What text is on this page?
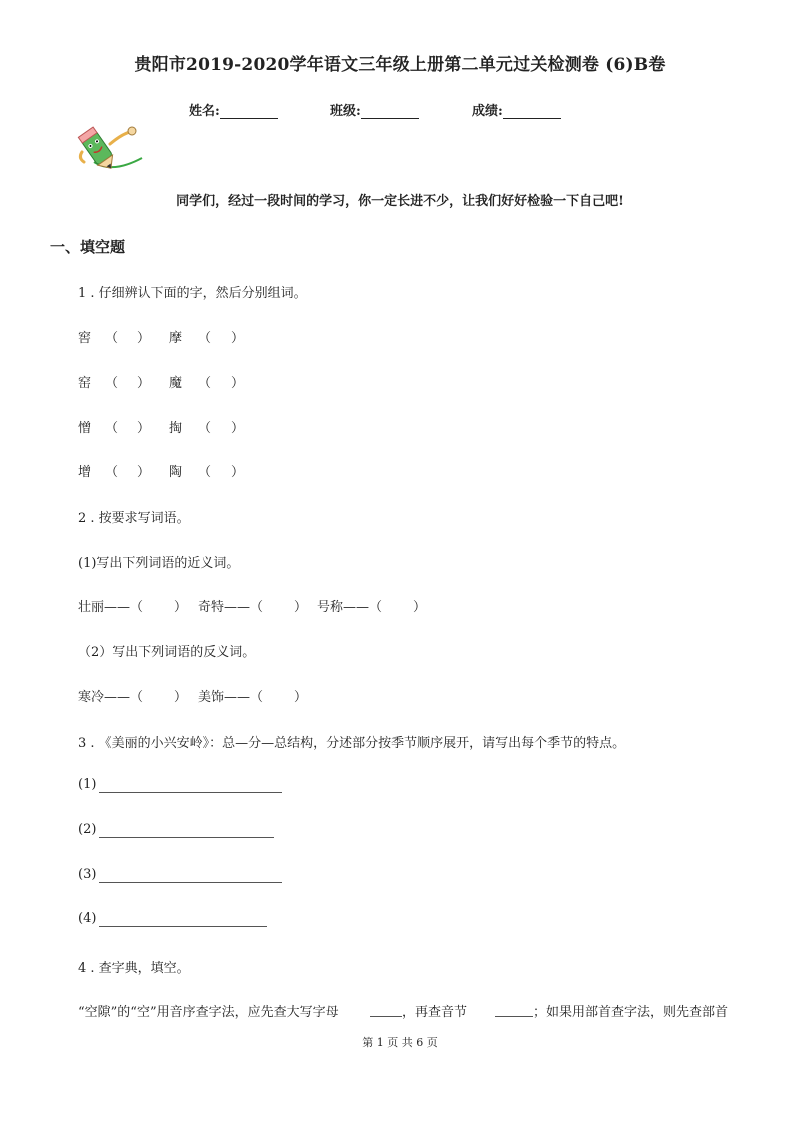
贵阳市2019-2020学年语文三年级上册第二单元过关检测卷 (6)B卷
姓名:	班级:	成绩:
同学们，经过一段时间的学习，你一定长进不少，让我们好好检验一下自己吧!
一、填空题
1 . 仔细辨认下面的字，然后分别组词。
窖 （ ） 摩 （ ）
窑 （ ） 魔 （ ）
憎 （ ） 掏 （ ）
增 （ ） 陶 （ ）
2 . 按要求写词语。
(1)写出下列词语的近义词。
壮丽——（ ） 奇特——（ ） 号称——（ ）
（2）写出下列词语的反义词。
寒冷——（ ） 美饰——（ ）
3 . 《美丽的小兴安岭》：总—分—总结构，分述部分按季节顺序展开，请写出每个季节的特点。
(1)
(2)
(3)
(4)
4 . 查字典，填空。
“空隙”的“空”用音序查字法，应先查大写字母	，再查音节	；如果用部首查字法，则先查部首
第 1 页 共 6 页
